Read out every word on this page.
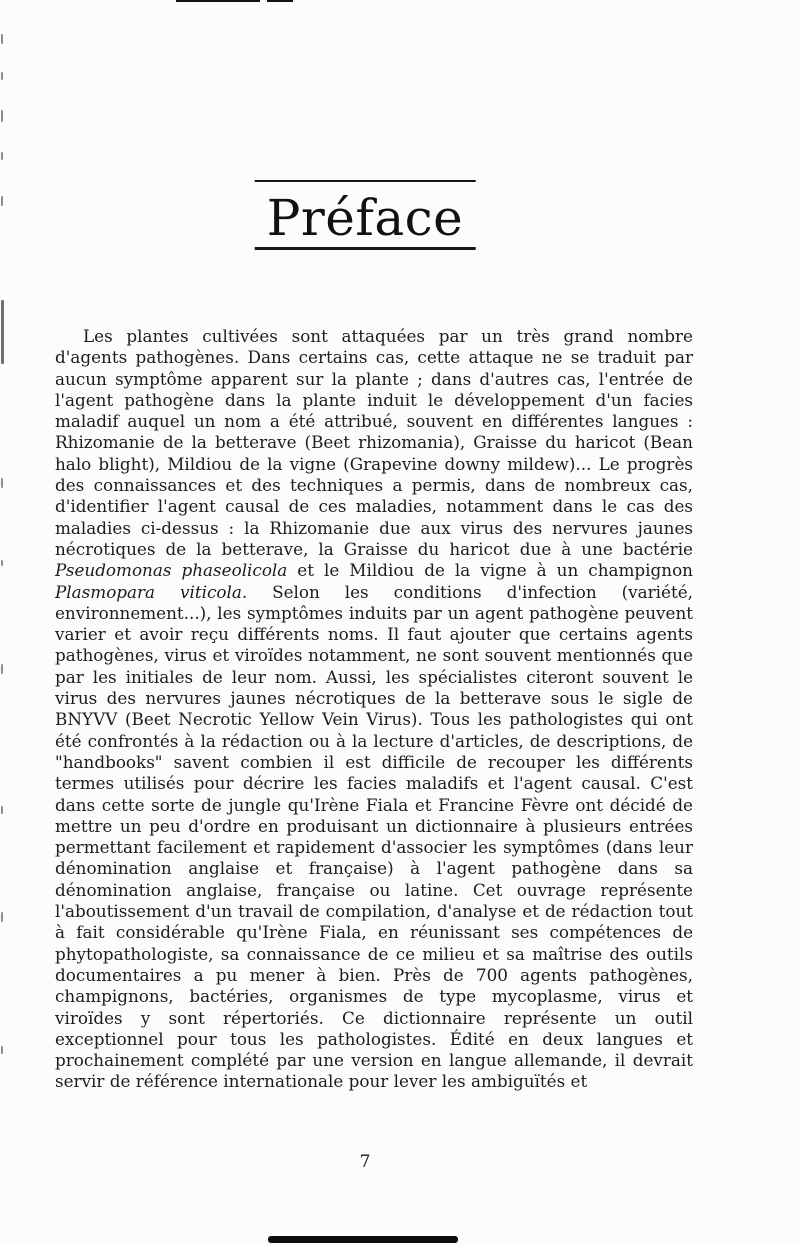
Préface

Les plantes cultivées sont attaquées par un très grand nombre d'agents pathogènes. Dans certains cas, cette attaque ne se traduit par aucun symptôme apparent sur la plante ; dans d'autres cas, l'entrée de l'agent pathogène dans la plante induit le développement d'un facies maladif auquel un nom a été attribué, souvent en différentes langues : Rhizomanie de la betterave (Beet rhizomania), Graisse du haricot (Bean halo blight), Mildiou de la vigne (Grapevine downy mildew)... Le progrès des connaissances et des techniques a permis, dans de nombreux cas, d'identifier l'agent causal de ces maladies, notamment dans le cas des maladies ci-dessus : la Rhizomanie due aux virus des nervures jaunes nécrotiques de la betterave, la Graisse du haricot due à une bactérie Pseudomonas phaseolicola et le Mildiou de la vigne à un champignon Plasmopara viticola. Selon les conditions d'infection (variété, environnement...), les symptômes induits par un agent pathogène peuvent varier et avoir reçu différents noms. Il faut ajouter que certains agents pathogènes, virus et viroïdes notamment, ne sont souvent mentionnés que par les initiales de leur nom. Aussi, les spécialistes citeront souvent le virus des nervures jaunes nécrotiques de la betterave sous le sigle de BNYVV (Beet Necrotic Yellow Vein Virus). Tous les pathologistes qui ont été confrontés à la rédaction ou à la lecture d'articles, de descriptions, de "handbooks" savent combien il est difficile de recouper les différents termes utilisés pour décrire les facies maladifs et l'agent causal. C'est dans cette sorte de jungle qu'Irène Fiala et Francine Fèvre ont décidé de mettre un peu d'ordre en produisant un dictionnaire à plusieurs entrées permettant facilement et rapidement d'associer les symptômes (dans leur dénomination anglaise et française) à l'agent pathogène dans sa dénomination anglaise, française ou latine. Cet ouvrage représente l'aboutissement d'un travail de compilation, d'analyse et de rédaction tout à fait considérable qu'Irène Fiala, en réunissant ses compétences de phytopathologiste, sa connaissance de ce milieu et sa maîtrise des outils documentaires a pu mener à bien. Près de 700 agents pathogènes, champignons, bactéries, organismes de type mycoplasme, virus et viroïdes y sont répertoriés. Ce dictionnaire représente un outil exceptionnel pour tous les pathologistes. Édité en deux langues et prochainement complété par une version en langue allemande, il devrait servir de référence internationale pour lever les ambiguïtés et

7
